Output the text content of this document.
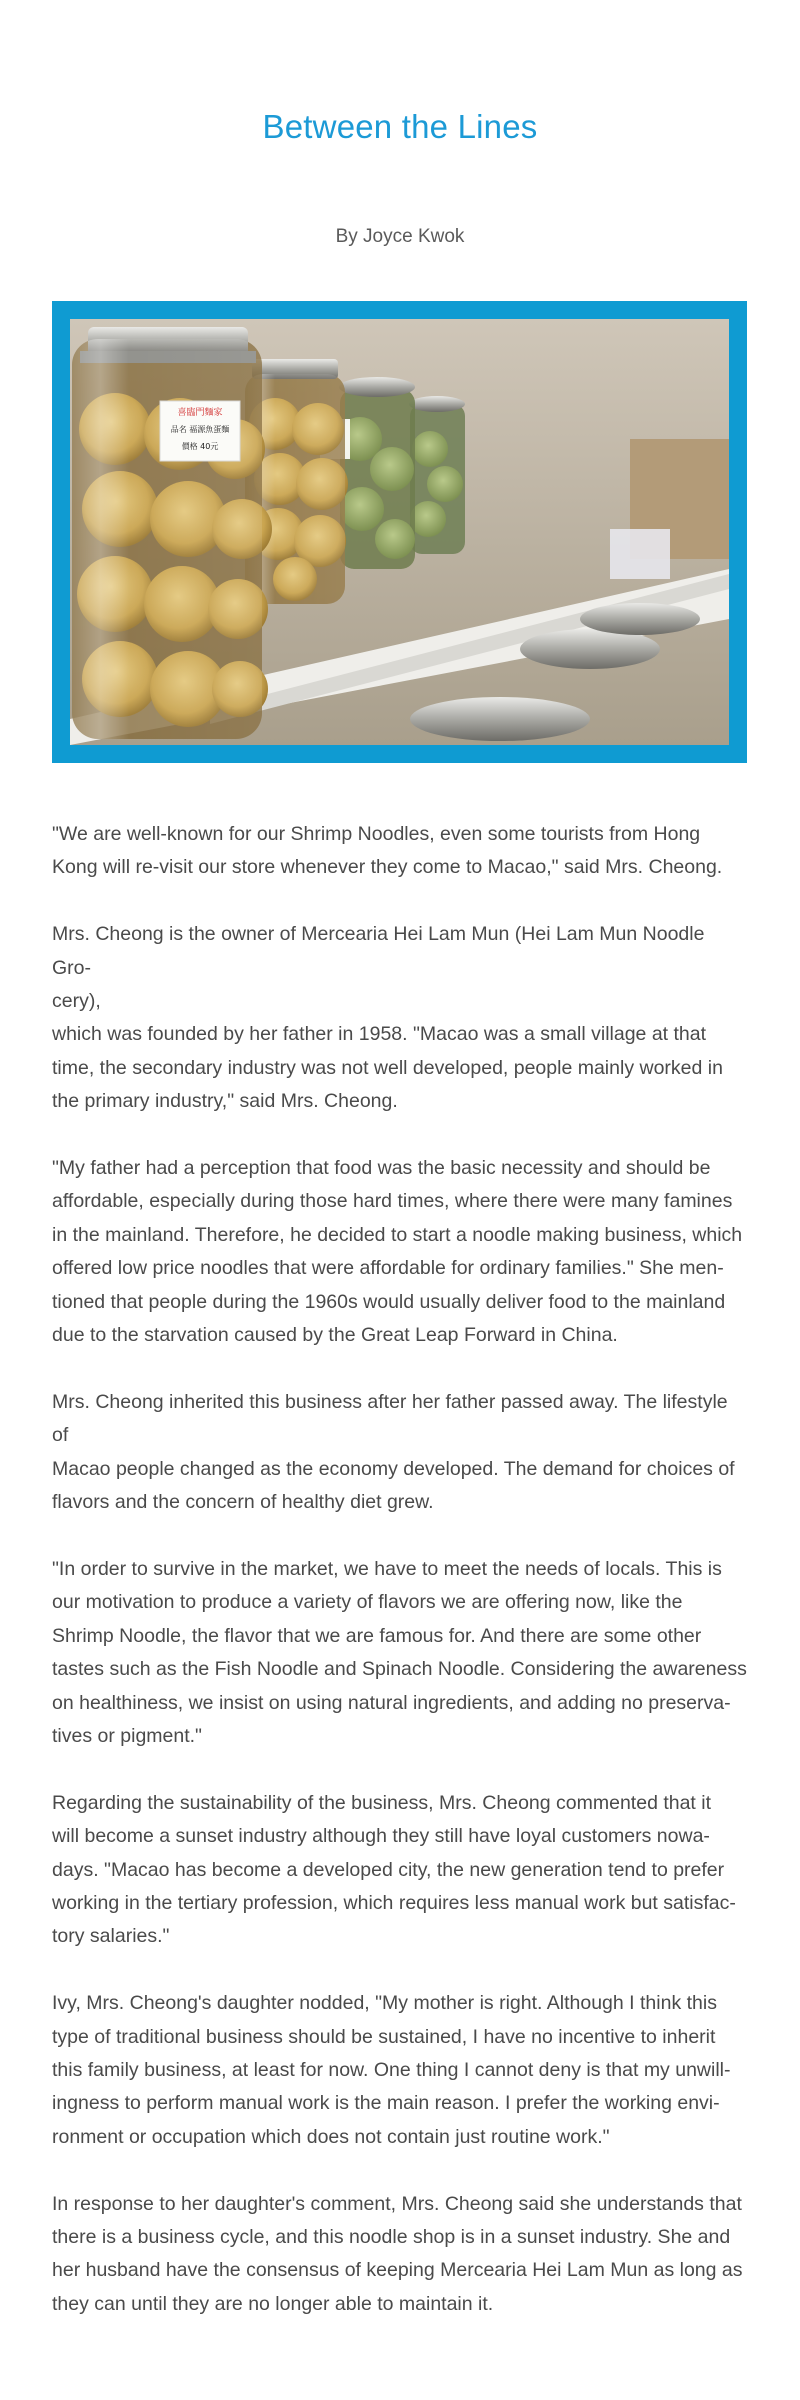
Between the Lines
By Joyce Kwok
喜臨門麵家
品名 福源魚蛋麵
價格 40元

"We are well-known for our Shrimp Noodles, even some tourists from Hong
Kong will re-visit our store whenever they come to Macao," said Mrs. Cheong.

Mrs. Cheong is the owner of Mercearia Hei Lam Mun (Hei Lam Mun Noodle Gro-
cery),
which was founded by her father in 1958. "Macao was a small village at that
time, the secondary industry was not well developed, people mainly worked in
the primary industry," said Mrs. Cheong.

"My father had a perception that food was the basic necessity and should be
affordable, especially during those hard times, where there were many famines
in the mainland. Therefore, he decided to start a noodle making business, which
offered low price noodles that were affordable for ordinary families." She men-
tioned that people during the 1960s would usually deliver food to the mainland
due to the starvation caused by the Great Leap Forward in China.

Mrs. Cheong inherited this business after her father passed away. The lifestyle of
Macao people changed as the economy developed. The demand for choices of
flavors and the concern of healthy diet grew.

"In order to survive in the market, we have to meet the needs of locals. This is
our motivation to produce a variety of flavors we are offering now, like the
Shrimp Noodle, the flavor that we are famous for. And there are some other
tastes such as the Fish Noodle and Spinach Noodle. Considering the awareness
on healthiness, we insist on using natural ingredients, and adding no preserva-
tives or pigment."

Regarding the sustainability of the business, Mrs. Cheong commented that it
will become a sunset industry although they still have loyal customers nowa-
days. "Macao has become a developed city, the new generation tend to prefer
working in the tertiary profession, which requires less manual work but satisfac-
tory salaries."

Ivy, Mrs. Cheong's daughter nodded, "My mother is right. Although I think this
type of traditional business should be sustained, I have no incentive to inherit
this family business, at least for now. One thing I cannot deny is that my unwill-
ingness to perform manual work is the main reason. I prefer the working envi-
ronment or occupation which does not contain just routine work."

In response to her daughter's comment, Mrs. Cheong said she understands that
there is a business cycle, and this noodle shop is in a sunset industry. She and
her husband have the consensus of keeping Mercearia Hei Lam Mun as long as
they can until they are no longer able to maintain it.
